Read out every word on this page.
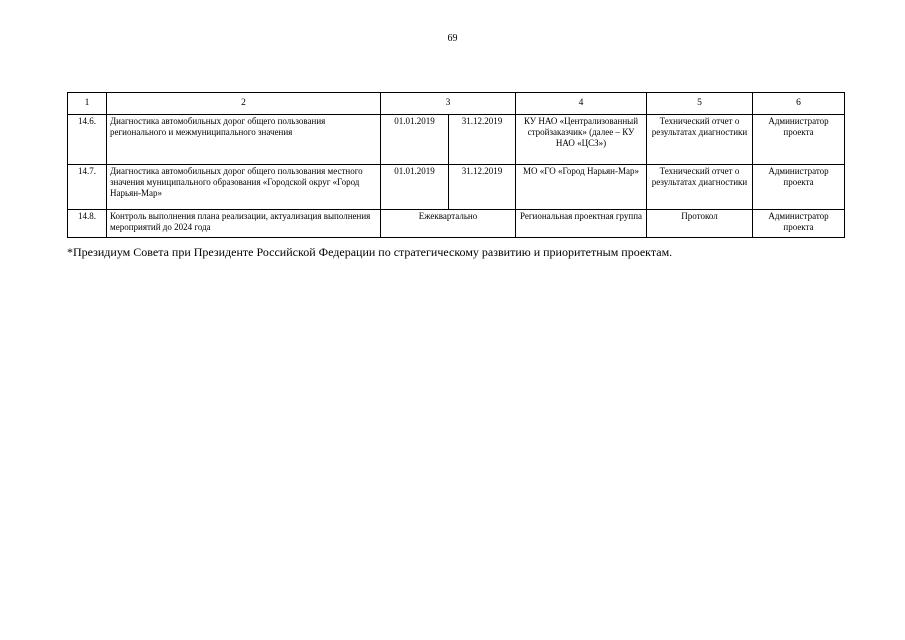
69
1	2	3		4	5	6
14.6.	Диагностика автомобильных дорог общего пользования регионального и межмуниципального значения	01.01.2019	31.12.2019	КУ НАО «Централизованный стройзаказчик» (далее – КУ НАО «ЦСЗ»)	Технический отчет о результатах диагностики	Администратор проекта
14.7.	Диагностика автомобильных дорог общего пользования местного значения муниципального образования «Городской округ «Город Нарьян-Мар»	01.01.2019	31.12.2019	МО «ГО «Город Нарьян-Мар»	Технический отчет о результатах диагностики	Администратор проекта
14.8.	Контроль выполнения плана реализации, актуализация выполнения мероприятий до 2024 года	Ежеквартально		Региональная проектная группа	Протокол	Администратор проекта
*Президиум Совета при Президенте Российской Федерации по стратегическому развитию и приоритетным проектам.
